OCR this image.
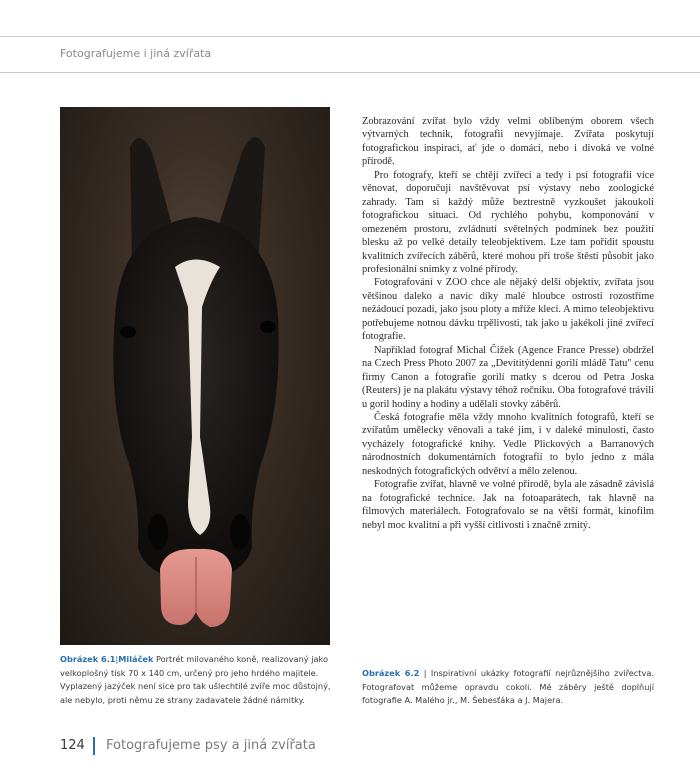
Fotografujeme i jiná zvířata

Zobrazování zvířat bylo vždy velmi oblíbeným oborem všech výtvarných technik, fotografii nevyjímaje. Zvířata poskytují fotografickou inspiraci, ať jde o domácí, nebo i divoká ve volné přírodě.

Pro fotografy, kteří se chtějí zvířecí a tedy i psí fotografii více věnovat, doporučuji navštěvovat psí výstavy nebo zoologické zahrady. Tam si každý může beztrestně vyzkoušet jakoukoli fotografickou situaci. Od rychlého pohybu, komponování v omezeném prostoru, zvládnutí světelných podmínek bez použití blesku až po velké detaily teleobjektivem. Lze tam pořídit spoustu kvalitních zvířecích záběrů, které mohou při troše štěstí působit jako profesionální snímky z volné přírody.

Fotografování v ZOO chce ale nějaký delší objektiv, zvířata jsou většinou daleko a navíc díky malé hloubce ostrosti rozostříme nežádoucí pozadí, jako jsou ploty a mříže klecí. A mimo teleobjektivu potřebujeme notnou dávku trpělivosti, tak jako u jakékoli jiné zvířecí fotografie.

Například fotograf Michal Čížek (Agence France Presse) obdržel na Czech Press Photo 2007 za „Devítitýdenní gorilí mládě Tatu" cenu firmy Canon a fotografie gorilí matky s dcerou od Petra Joska (Reuters) je na plakátu výstavy téhož ročníku. Oba fotografové trávili u goril hodiny a hodiny a udělali stovky záběrů.

Česká fotografie měla vždy mnoho kvalitních fotografů, kteří se zvířatům umělecky věnovali a také jim, i v daleké minulosti, často vycházely fotografické knihy. Vedle Plickových a Barranových národnostních dokumentárních fotografií to bylo jedno z mála neskodných fotografických odvětví a mělo zelenou.

Fotografie zvířat, hlavně ve volné přírodě, byla ale zásadně závislá na fotografické technice. Jak na fotoaparátech, tak hlavně na filmových materiálech. Fotografovalo se na větší formát, kinofilm nebyl moc kvalitní a při vyšší citlivosti i značně zrnitý.

Obrázek 6.1|Miláček Portrét milovaného koně, realizovaný jako velkoplošný tisk 70 x 140 cm, určený pro jeho hrdého majitele. Vyplazený jazýček není sice pro tak ušlechtilé zvíře moc důstojný, ale nebylo, proti němu ze strany zadavatele žádné námitky.
Obrázek 6.2 | Inspirativní ukázky fotografií nejrůznějšího zvířectva. Fotografovat můžeme opravdu cokoli. Mé záběry ještě doplňují fotografie A. Malého jr., M. Šebesťáka a J. Majera.
124 Fotografujeme psy a jiná zvířata
